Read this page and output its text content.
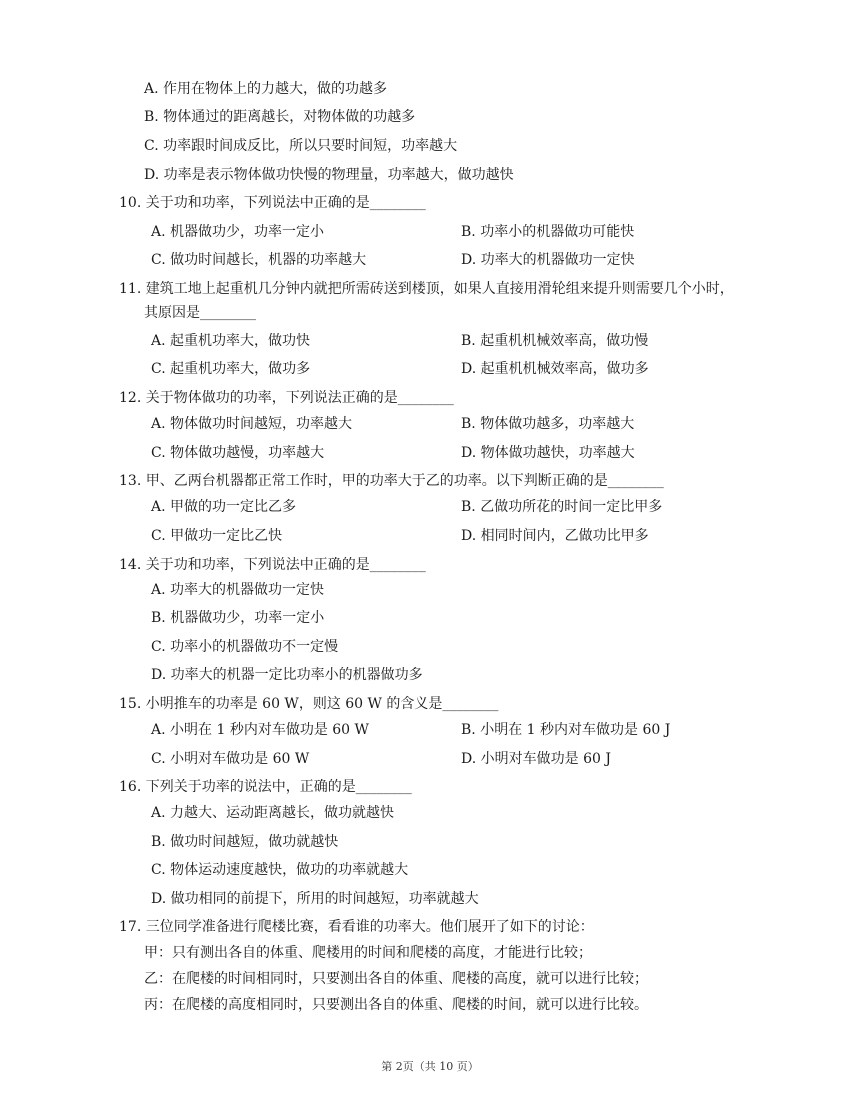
A. 作用在物体上的力越大，做的功越多
B. 物体通过的距离越长，对物体做的功越多
C. 功率跟时间成反比，所以只要时间短，功率越大
D. 功率是表示物体做功快慢的物理量，功率越大，做功越快
10. 关于功和功率，下列说法中正确的是________
A. 机器做功少，功率一定小	B. 功率小的机器做功可能快
C. 做功时间越长，机器的功率越大	D. 功率大的机器做功一定快
11. 建筑工地上起重机几分钟内就把所需砖送到楼顶，如果人直接用滑轮组来提升则需要几个小时，
其原因是________
A. 起重机功率大，做功快	B. 起重机机械效率高，做功慢
C. 起重机功率大，做功多	D. 起重机机械效率高，做功多
12. 关于物体做功的功率，下列说法正确的是________
A. 物体做功时间越短，功率越大	B. 物体做功越多，功率越大
C. 物体做功越慢，功率越大	D. 物体做功越快，功率越大
13. 甲、乙两台机器都正常工作时，甲的功率大于乙的功率。以下判断正确的是________
A. 甲做的功一定比乙多	B. 乙做功所花的时间一定比甲多
C. 甲做功一定比乙快	D. 相同时间内，乙做功比甲多
14. 关于功和功率，下列说法中正确的是________
A. 功率大的机器做功一定快
B. 机器做功少，功率一定小
C. 功率小的机器做功不一定慢
D. 功率大的机器一定比功率小的机器做功多
15. 小明推车的功率是 60 W，则这 60 W 的含义是________
A. 小明在 1 秒内对车做功是 60 W	B. 小明在 1 秒内对车做功是 60 J
C. 小明对车做功是 60 W	D. 小明对车做功是 60 J
16. 下列关于功率的说法中，正确的是________
A. 力越大、运动距离越长，做功就越快
B. 做功时间越短，做功就越快
C. 物体运动速度越快，做功的功率就越大
D. 做功相同的前提下，所用的时间越短，功率就越大
17. 三位同学准备进行爬楼比赛，看看谁的功率大。他们展开了如下的讨论：
甲：只有测出各自的体重、爬楼用的时间和爬楼的高度，才能进行比较；
乙：在爬楼的时间相同时，只要测出各自的体重、爬楼的高度，就可以进行比较；
丙：在爬楼的高度相同时，只要测出各自的体重、爬楼的时间，就可以进行比较。
第 2页（共 10 页）
